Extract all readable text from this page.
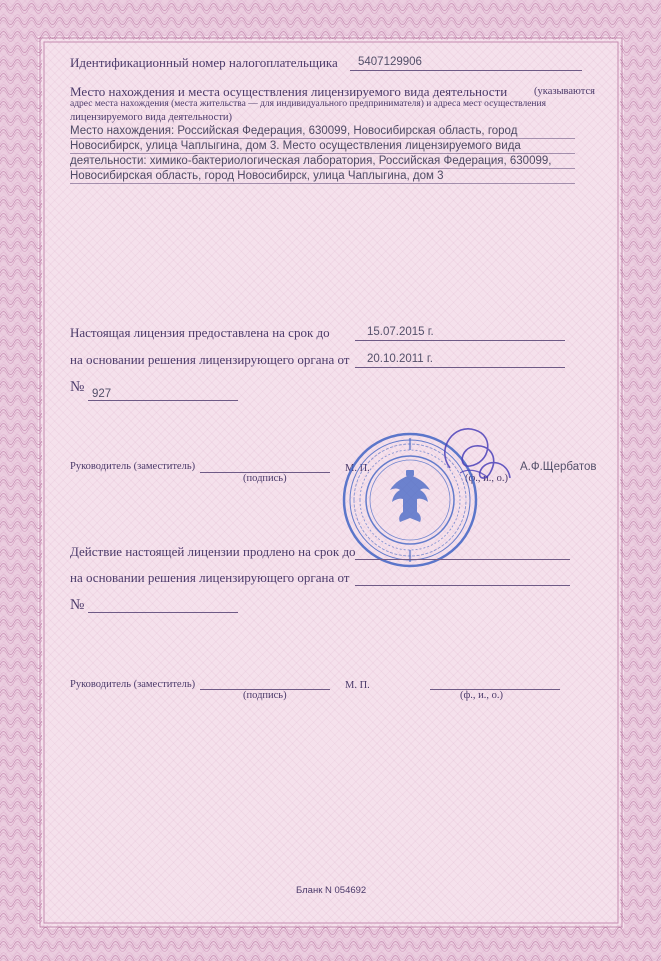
Идентификационный номер налогоплательщика 5407129906
Место нахождения и места осуществления лицензируемого вида деятельности	(указываются
адрес места нахождения (места жительства — для индивидуального предпринимателя) и адреса мест осуществления
лицензируемого вида деятельности)
Место нахождения: Российская Федерация, 630099, Новосибирская область, город Новосибирск, улица Чаплыгина, дом 3. Место осуществления лицензируемого вида деятельности: химико-бактериологическая лаборатория, Российская Федерация, 630099, Новосибирская область, город Новосибирск, улица Чаплыгина, дом 3
Настоящая лицензия предоставлена на срок до	15.07.2015 г.
на основании решения лицензирующего органа от 20.10.2011 г.
№ 927
Руководитель (заместитель)
(подпись)
М. П.
(ф., и., о.)
А.Ф.Щербатов
Действие настоящей лицензии продлено на срок до
на основании решения лицензирующего органа от
№
Руководитель (заместитель)
(подпись)
М. П.
(ф., и., о.)
Бланк N 054692
